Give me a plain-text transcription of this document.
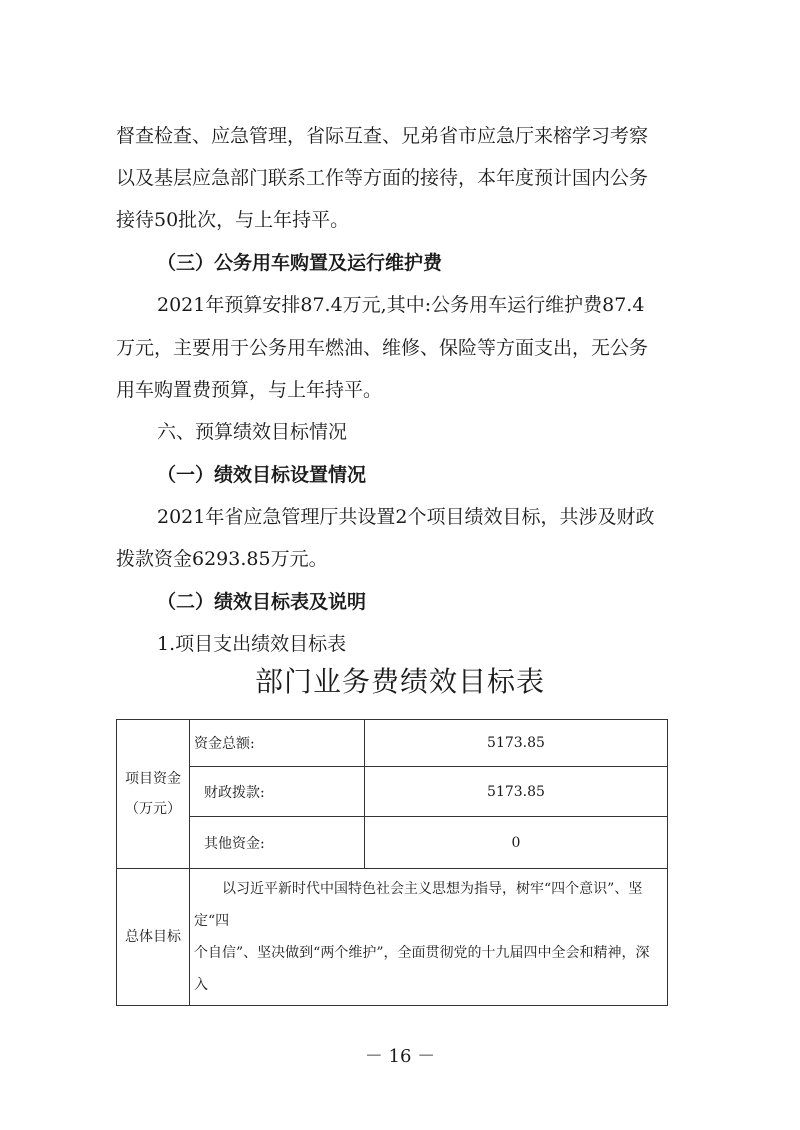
督查检查、应急管理，省际互查、兄弟省市应急厅来榕学习考察
以及基层应急部门联系工作等方面的接待，本年度预计国内公务
接待50批次，与上年持平。
（三）公务用车购置及运行维护费
2021年预算安排87.4万元,其中:公务用车运行维护费87.4
万元，主要用于公务用车燃油、维修、保险等方面支出，无公务
用车购置费预算，与上年持平。
六、预算绩效目标情况
（一）绩效目标设置情况
2021年省应急管理厅共设置2个项目绩效目标，共涉及财政
拨款资金6293.85万元。
（二）绩效目标表及说明
1.项目支出绩效目标表
部门业务费绩效目标表
项目资金
（万元）	资金总额:	5173.85
	财政拨款:	5173.85
	其他资金:	0
总体目标	以习近平新时代中国特色社会主义思想为指导，树牢“四个意识”、坚定“四
个自信”、坚决做到“两个维护”，全面贯彻党的十九届四中全会和精神，深入	
－ 16 －
